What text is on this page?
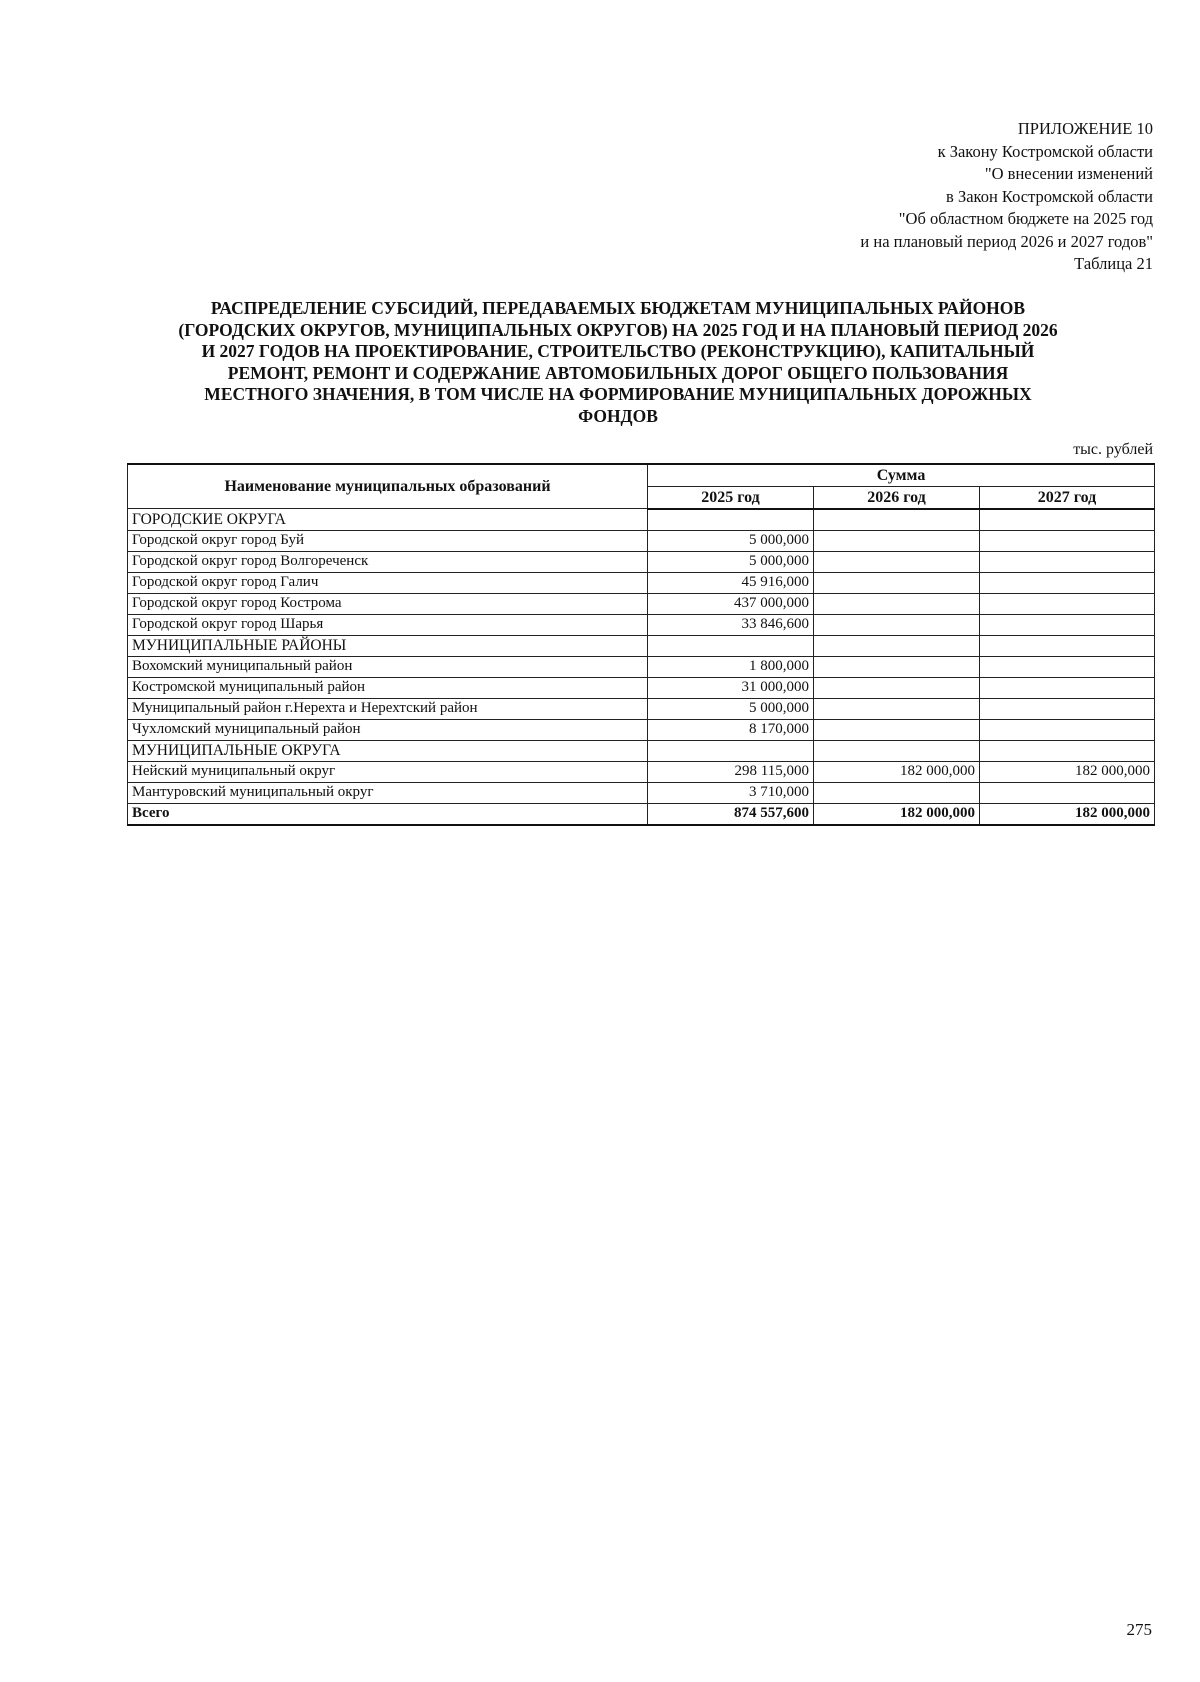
ПРИЛОЖЕНИЕ 10
к Закону Костромской области
"О внесении изменений
в Закон Костромской области
"Об областном бюджете на 2025 год
и на плановый период 2026 и 2027 годов"
Таблица 21
РАСПРЕДЕЛЕНИЕ СУБСИДИЙ, ПЕРЕДАВАЕМЫХ БЮДЖЕТАМ МУНИЦИПАЛЬНЫХ РАЙОНОВ
(ГОРОДСКИХ ОКРУГОВ, МУНИЦИПАЛЬНЫХ ОКРУГОВ) НА 2025 ГОД И НА ПЛАНОВЫЙ ПЕРИОД 2026
И 2027 ГОДОВ НА ПРОЕКТИРОВАНИЕ, СТРОИТЕЛЬСТВО (РЕКОНСТРУКЦИЮ), КАПИТАЛЬНЫЙ
РЕМОНТ, РЕМОНТ И СОДЕРЖАНИЕ АВТОМОБИЛЬНЫХ ДОРОГ ОБЩЕГО ПОЛЬЗОВАНИЯ
МЕСТНОГО ЗНАЧЕНИЯ, В ТОМ ЧИСЛЕ НА ФОРМИРОВАНИЕ МУНИЦИПАЛЬНЫХ ДОРОЖНЫХ
ФОНДОВ
тыс. рублей
Наименование муниципальных образований	Сумма		
	2025 год	2026 год	2027 год
ГОРОДСКИЕ ОКРУГА			
Городской округ город Буй	5 000,000		
Городской округ город Волгореченск	5 000,000		
Городской округ город Галич	45 916,000		
Городской округ город Кострома	437 000,000		
Городской округ город Шарья	33 846,600		
МУНИЦИПАЛЬНЫЕ РАЙОНЫ			
Вохомский муниципальный район	1 800,000		
Костромской муниципальный район	31 000,000		
Муниципальный район г.Нерехта и Нерехтский район	5 000,000		
Чухломский муниципальный район	8 170,000		
МУНИЦИПАЛЬНЫЕ ОКРУГА			
Нейский муниципальный округ	298 115,000	182 000,000	182 000,000
Мантуровский муниципальный округ	3 710,000		
Всего	874 557,600	182 000,000	182 000,000
275
